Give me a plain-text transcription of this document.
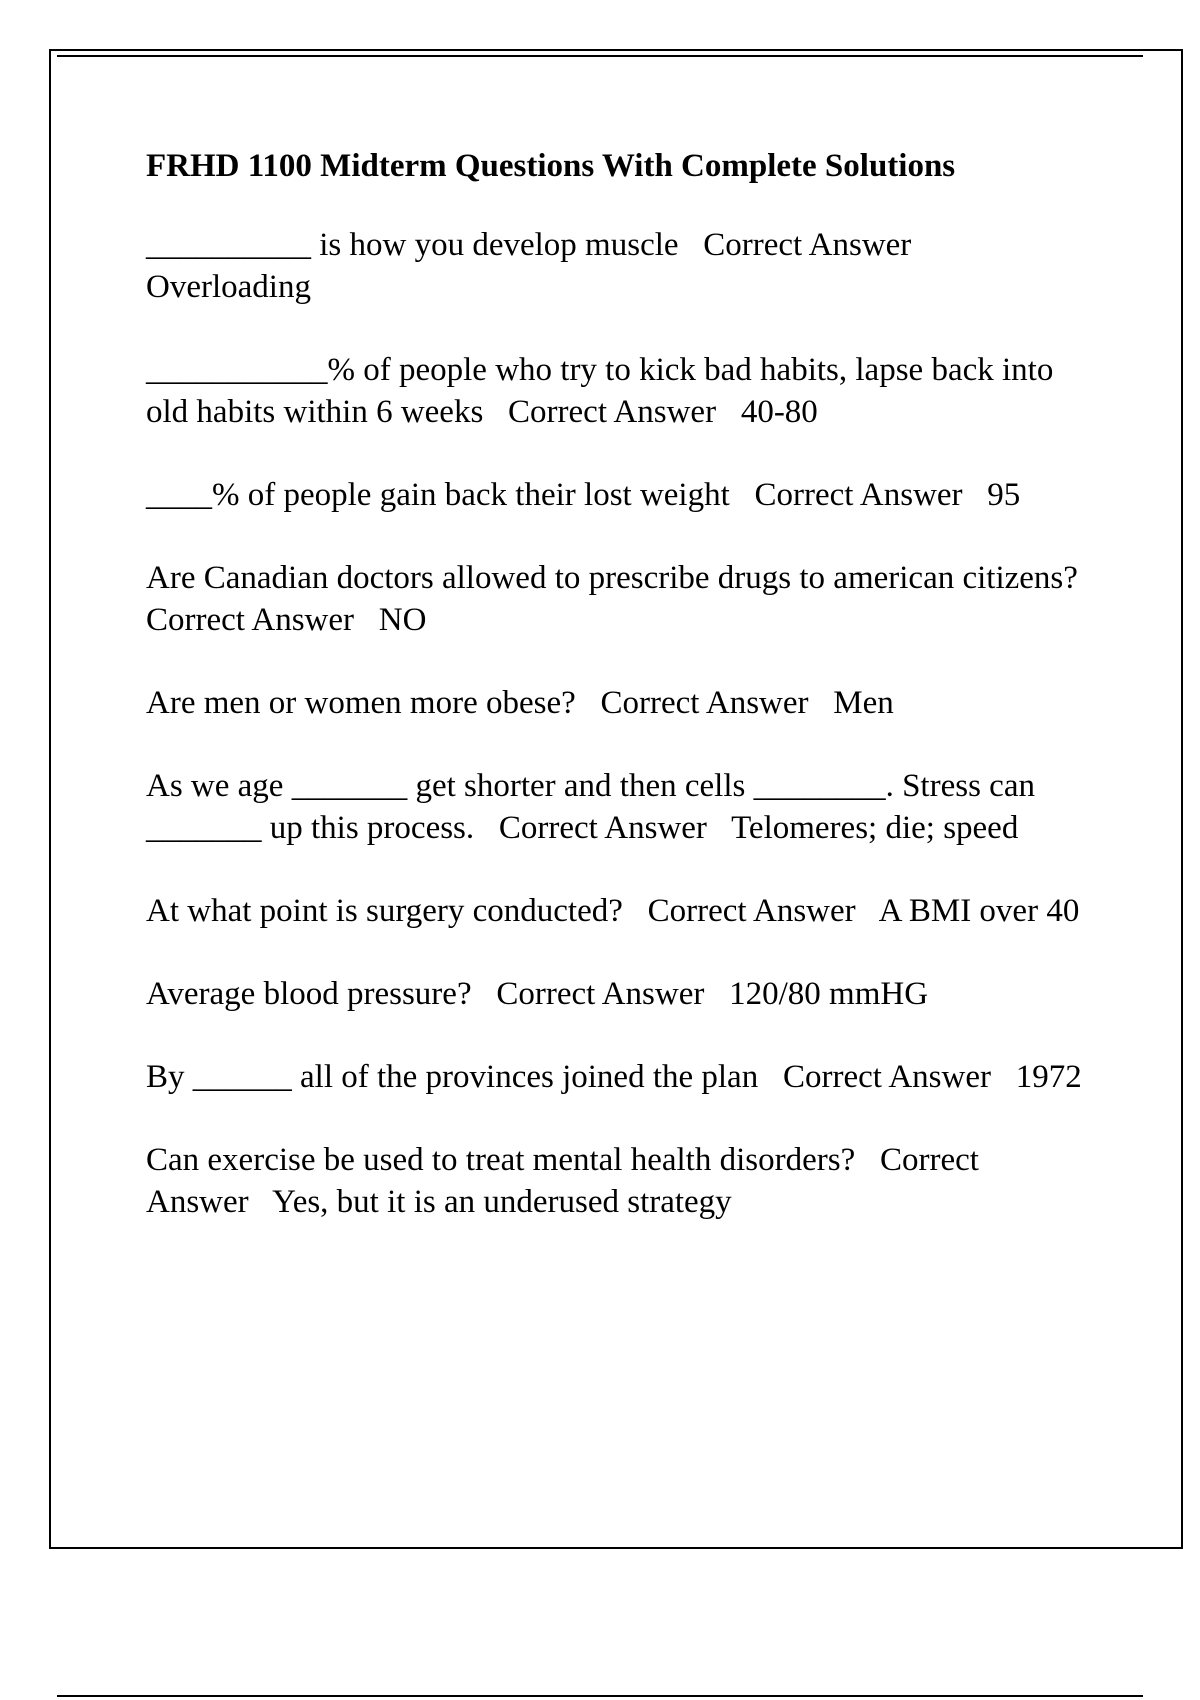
FRHD 1100 Midterm Questions With Complete Solutions
__________ is how you develop muscle   Correct Answer   Overloading
___________% of people who try to kick bad habits, lapse back into old habits within 6 weeks   Correct Answer   40-80
____% of people gain back their lost weight   Correct Answer   95
Are Canadian doctors allowed to prescribe drugs to american citizens?   Correct Answer   NO
Are men or women more obese?   Correct Answer   Men
As we age _______ get shorter and then cells ________. Stress can _______ up this process.   Correct Answer   Telomeres; die; speed
At what point is surgery conducted?   Correct Answer   A BMI over 40
Average blood pressure?   Correct Answer   120/80 mmHG
By ______ all of the provinces joined the plan   Correct Answer   1972
Can exercise be used to treat mental health disorders?   Correct Answer   Yes, but it is an underused strategy
